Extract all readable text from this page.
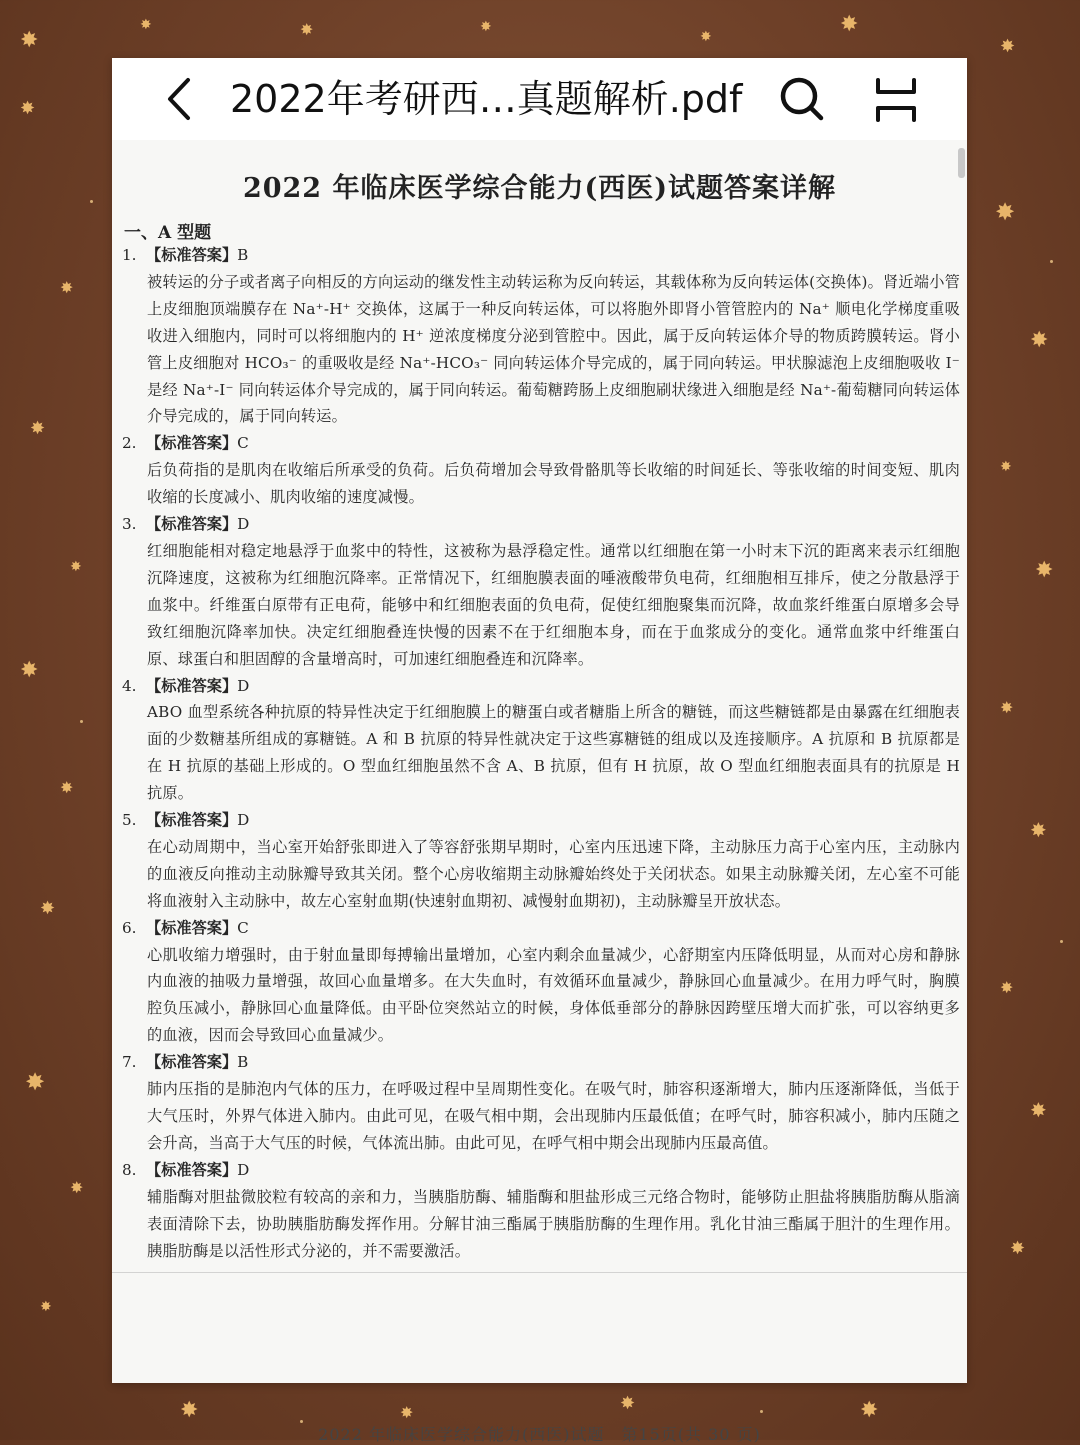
✸
✸	✸	✸
✸	✸
✸
✸
✸
✸
✸
✸
✸
✸	✸
✸
✸
✸
✸
✸
✸
✸
✸
✸
✸
✸
✸	✸	✸	✸
2022年考研西…真题解析.pdf
2022 年临床医学综合能力(西医)试题答案详解
一、A 型题

1. 【标准答案】B

被转运的分子或者离子向相反的方向运动的继发性主动转运称为反向转运，其载体称为反向转运体(交换体)。肾近端小管上皮细胞顶端膜存在 Na⁺-H⁺ 交换体，这属于一种反向转运体，可以将胞外即肾小管管腔内的 Na⁺ 顺电化学梯度重吸收进入细胞内，同时可以将细胞内的 H⁺ 逆浓度梯度分泌到管腔中。因此，属于反向转运体介导的物质跨膜转运。肾小管上皮细胞对 HCO₃⁻ 的重吸收是经 Na⁺-HCO₃⁻ 同向转运体介导完成的，属于同向转运。甲状腺滤泡上皮细胞吸收 I⁻ 是经 Na⁺-I⁻ 同向转运体介导完成的，属于同向转运。葡萄糖跨肠上皮细胞刷状缘进入细胞是经 Na⁺-葡萄糖同向转运体介导完成的，属于同向转运。

2. 【标准答案】C

后负荷指的是肌肉在收缩后所承受的负荷。后负荷增加会导致骨骼肌等长收缩的时间延长、等张收缩的时间变短、肌肉收缩的长度减小、肌肉收缩的速度减慢。

3. 【标准答案】D

红细胞能相对稳定地悬浮于血浆中的特性，这被称为悬浮稳定性。通常以红细胞在第一小时末下沉的距离来表示红细胞沉降速度，这被称为红细胞沉降率。正常情况下，红细胞膜表面的唾液酸带负电荷，红细胞相互排斥，使之分散悬浮于血浆中。纤维蛋白原带有正电荷，能够中和红细胞表面的负电荷，促使红细胞聚集而沉降，故血浆纤维蛋白原增多会导致红细胞沉降率加快。决定红细胞叠连快慢的因素不在于红细胞本身，而在于血浆成分的变化。通常血浆中纤维蛋白原、球蛋白和胆固醇的含量增高时，可加速红细胞叠连和沉降率。

4. 【标准答案】D

ABO 血型系统各种抗原的特异性决定于红细胞膜上的糖蛋白或者糖脂上所含的糖链，而这些糖链都是由暴露在红细胞表面的少数糖基所组成的寡糖链。A 和 B 抗原的特异性就决定于这些寡糖链的组成以及连接顺序。A 抗原和 B 抗原都是在 H 抗原的基础上形成的。O 型血红细胞虽然不含 A、B 抗原，但有 H 抗原，故 O 型血红细胞表面具有的抗原是 H 抗原。

5. 【标准答案】D

在心动周期中，当心室开始舒张即进入了等容舒张期早期时，心室内压迅速下降，主动脉压力高于心室内压，主动脉内的血液反向推动主动脉瓣导致其关闭。整个心房收缩期主动脉瓣始终处于关闭状态。如果主动脉瓣关闭，左心室不可能将血液射入主动脉中，故左心室射血期(快速射血期初、减慢射血期初)，主动脉瓣呈开放状态。

6. 【标准答案】C

心肌收缩力增强时，由于射血量即每搏输出量增加，心室内剩余血量减少，心舒期室内压降低明显，从而对心房和静脉内血液的抽吸力量增强，故回心血量增多。在大失血时，有效循环血量减少，静脉回心血量减少。在用力呼气时，胸膜腔负压减小，静脉回心血量降低。由平卧位突然站立的时候，身体低垂部分的静脉因跨壁压增大而扩张，可以容纳更多的血液，因而会导致回心血量减少。

7. 【标准答案】B

肺内压指的是肺泡内气体的压力，在呼吸过程中呈周期性变化。在吸气时，肺容积逐渐增大，肺内压逐渐降低，当低于大气压时，外界气体进入肺内。由此可见，在吸气相中期，会出现肺内压最低值；在呼气时，肺容积减小，肺内压随之会升高，当高于大气压的时候，气体流出肺。由此可见，在呼气相中期会出现肺内压最高值。

8. 【标准答案】D

辅脂酶对胆盐微胶粒有较高的亲和力，当胰脂肪酶、辅脂酶和胆盐形成三元络合物时，能够防止胆盐将胰脂肪酶从脂滴表面清除下去，协助胰脂肪酶发挥作用。分解甘油三酯属于胰脂肪酶的生理作用。乳化甘油三酯属于胆汁的生理作用。胰脂肪酶是以活性形式分泌的，并不需要激活。

2022 年临床医学综合能力(西医)试题　第15页(共 30 页)
